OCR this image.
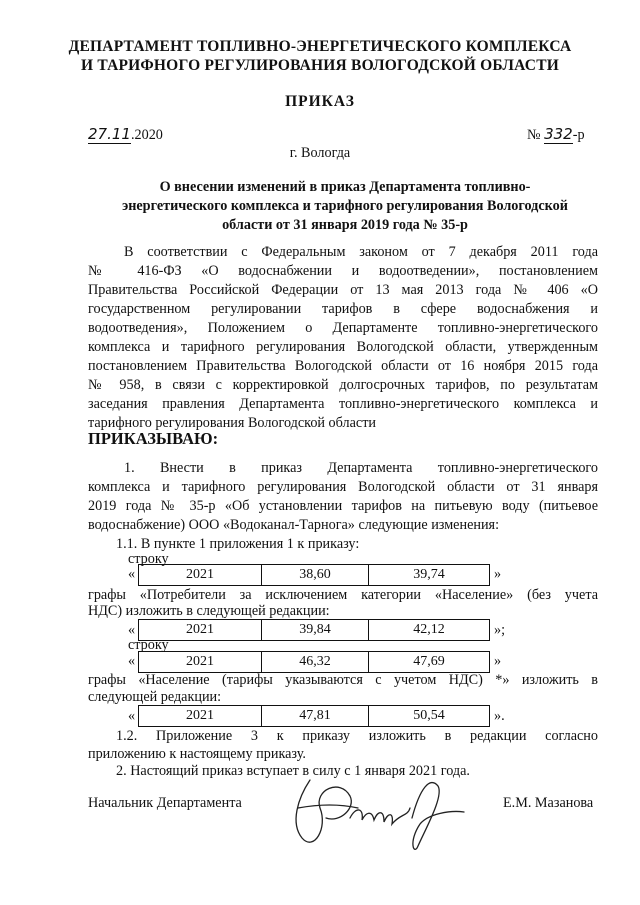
ДЕПАРТАМЕНТ ТОПЛИВНО-ЭНЕРГЕТИЧЕСКОГО КОМПЛЕКСА
И ТАРИФНОГО РЕГУЛИРОВАНИЯ ВОЛОГОДСКОЙ ОБЛАСТИ
ПРИКАЗ
27.11.2020	№ 332-р
г. Вологда
О внесении изменений в приказ Департамента топливно-
энергетического комплекса и тарифного регулирования Вологодской
области от 31 января 2019 года № 35-р
В соответствии с Федеральным законом от 7 декабря 2011 года
№ 416-ФЗ «О водоснабжении и водоотведении», постановлением
Правительства Российской Федерации от 13 мая 2013 года № 406 «О
государственном регулировании тарифов в сфере водоснабжения и
водоотведения», Положением о Департаменте топливно-энергетического
комплекса и тарифного регулирования Вологодской области, утвержденным
постановлением Правительства Вологодской области от 16 ноября 2015 года
№ 958, в связи с корректировкой долгосрочных тарифов, по результатам
заседания правления Департамента топливно-энергетического комплекса и
тарифного регулирования Вологодской области
ПРИКАЗЫВАЮ:
1. Внести в приказ Департамента топливно-энергетического
комплекса и тарифного регулирования Вологодской области от 31 января
2019 года № 35-р «Об установлении тарифов на питьевую воду (питьевое
водоснабжение) ООО «Водоканал-Тарнога» следующие изменения:
1.1. В пункте 1 приложения 1 к приказу:
строку
«	2021	38,60	39,74	»
графы «Потребители за исключением категории «Население» (без учета
НДС) изложить в следующей редакции:
«	2021	39,84	42,12	»;
строку
«	2021	46,32	47,69	»
графы «Население (тарифы указываются с учетом НДС) *» изложить в
следующей редакции:
«	2021	47,81	50,54	».
1.2. Приложение 3 к приказу изложить в редакции согласно
приложению к настоящему приказу.
2. Настоящий приказ вступает в силу с 1 января 2021 года.
Начальник Департамента	Е.М. Мазанова
